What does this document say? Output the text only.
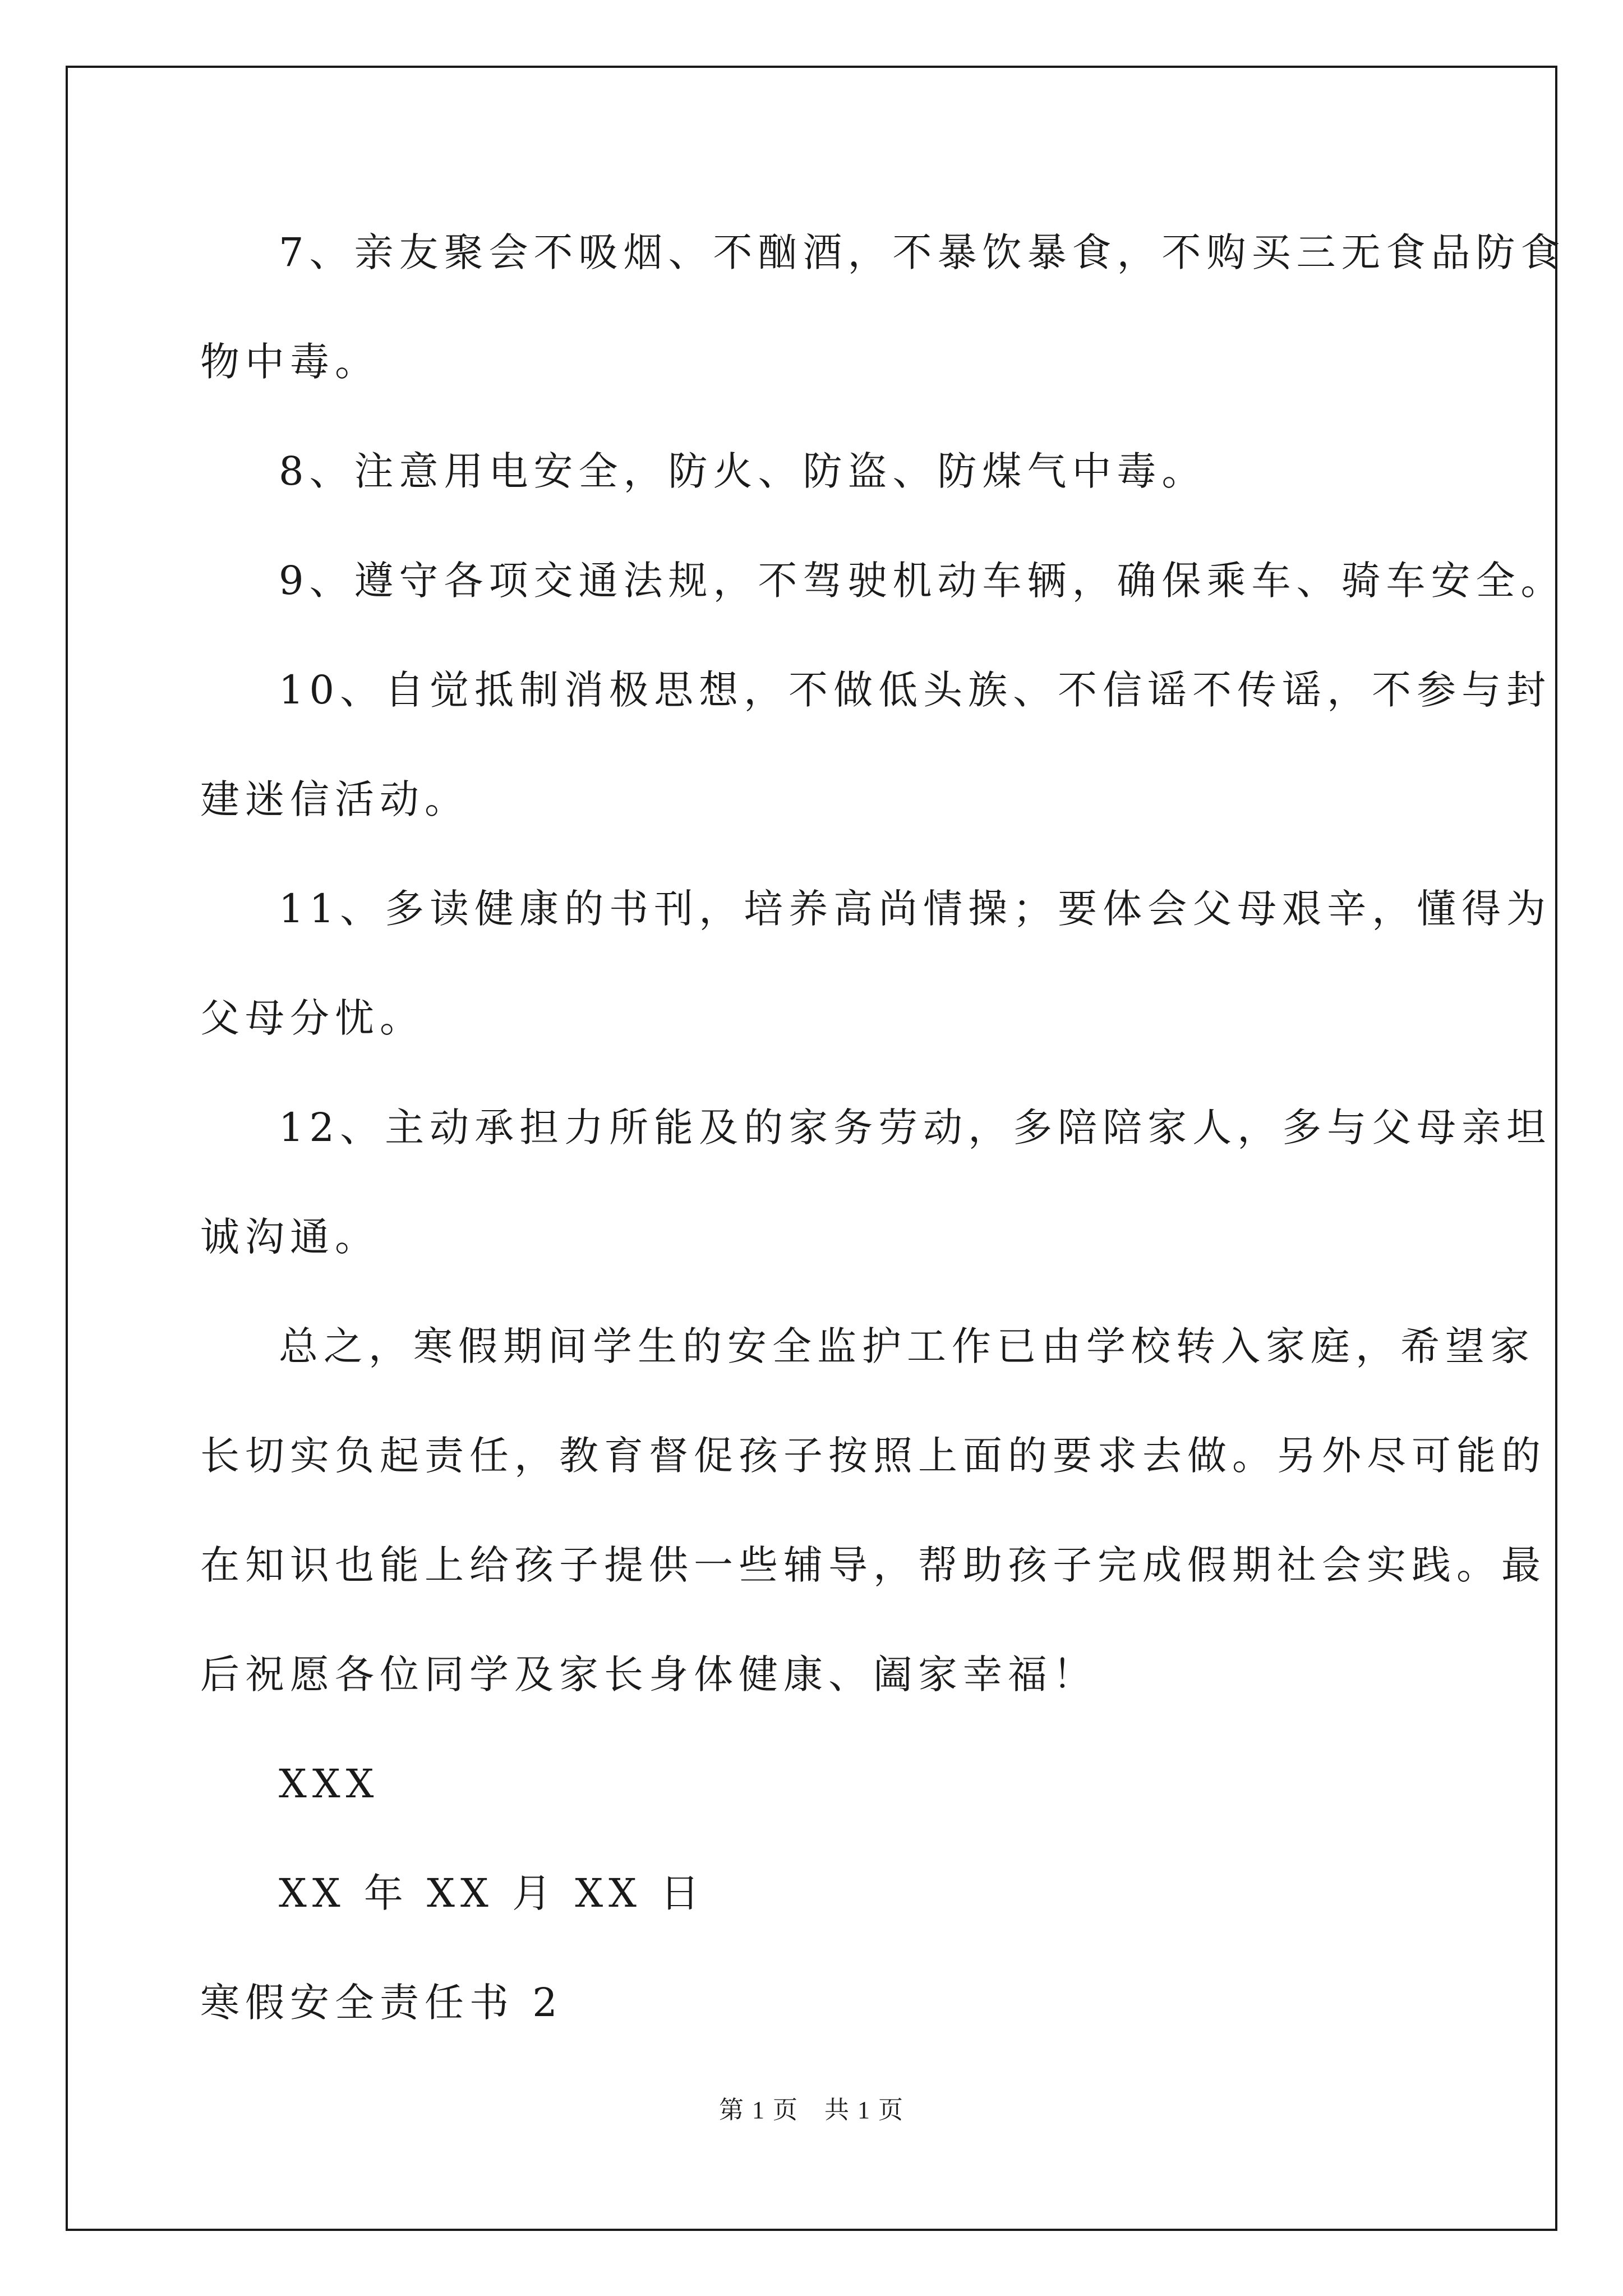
7、亲友聚会不吸烟、不酗酒，不暴饮暴食，不购买三无食品防食
物中毒。
8、注意用电安全，防火、防盗、防煤气中毒。
9、遵守各项交通法规，不驾驶机动车辆，确保乘车、骑车安全。
10、自觉抵制消极思想，不做低头族、不信谣不传谣，不参与封
建迷信活动。
11、多读健康的书刊，培养高尚情操；要体会父母艰辛，懂得为
父母分忧。
12、主动承担力所能及的家务劳动，多陪陪家人，多与父母亲坦
诚沟通。
总之，寒假期间学生的安全监护工作已由学校转入家庭，希望家
长切实负起责任，教育督促孩子按照上面的要求去做。另外尽可能的
在知识也能上给孩子提供一些辅导，帮助孩子完成假期社会实践。最
后祝愿各位同学及家长身体健康、阖家幸福！
XXX
XX 年 XX 月 XX 日
寒假安全责任书 2
第 1 页　共 1 页
